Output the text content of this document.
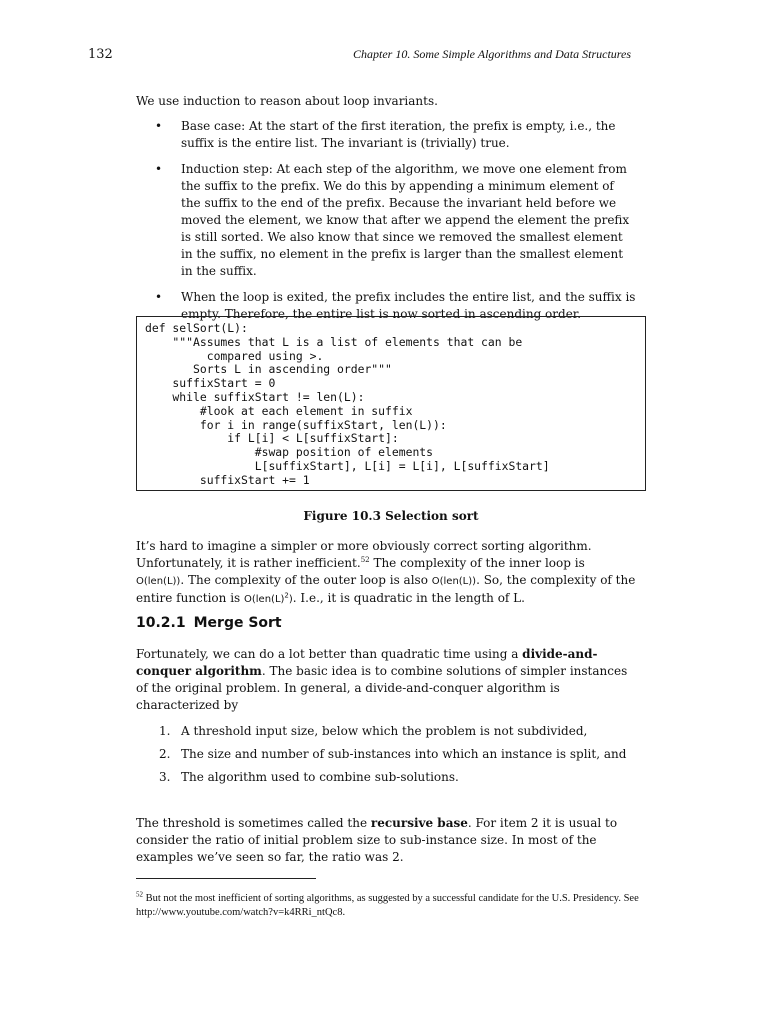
132	Chapter 10. Some Simple Algorithms and Data Structures

We use induction to reason about loop invariants.

• Base case: At the start of the first iteration, the prefix is empty, i.e., the suffix is the entire list. The invariant is (trivially) true.
• Induction step: At each step of the algorithm, we move one element from the suffix to the prefix. We do this by appending a minimum element of the suffix to the end of the prefix. Because the invariant held before we moved the element, we know that after we append the element the prefix is still sorted. We also know that since we removed the smallest element in the suffix, no element in the prefix is larger than the smallest element in the suffix.
• When the loop is exited, the prefix includes the entire list, and the suffix is empty. Therefore, the entire list is now sorted in ascending order.
def selSort(L):
"""Assumes that L is a list of elements that can be
compared using >.
Sorts L in ascending order"""
suffixStart = 0
while suffixStart != len(L):
#look at each element in suffix
for i in range(suffixStart, len(L)):
if L[i] < L[suffixStart]:
#swap position of elements
L[suffixStart], L[i] = L[i], L[suffixStart]
suffixStart += 1
Figure 10.3 Selection sort

It’s hard to imagine a simpler or more obviously correct sorting algorithm. Unfortunately, it is rather inefficient.$^{52}$ The complexity of the inner loop is O(len(L)). The complexity of the outer loop is also O(len(L)). So, the complexity of the entire function is $O(len(L)^2)$. I.e., it is quadratic in the length of L.

10.2.1 Merge Sort

Fortunately, we can do a lot better than quadratic time using a divide-and-conquer algorithm. The basic idea is to combine solutions of simpler instances of the original problem. In general, a divide-and-conquer algorithm is characterized by

1. A threshold input size, below which the problem is not subdivided,
2. The size and number of sub-instances into which an instance is split, and
3. The algorithm used to combine sub-solutions.

The threshold is sometimes called the recursive base. For item 2 it is usual to consider the ratio of initial problem size to sub-instance size. In most of the examples we’ve seen so far, the ratio was 2.

$^{52}$ But not the most inefficient of sorting algorithms, as suggested by a successful candidate for the U.S. Presidency. See http://www.youtube.com/watch?v=k4RRi_ntQc8.
